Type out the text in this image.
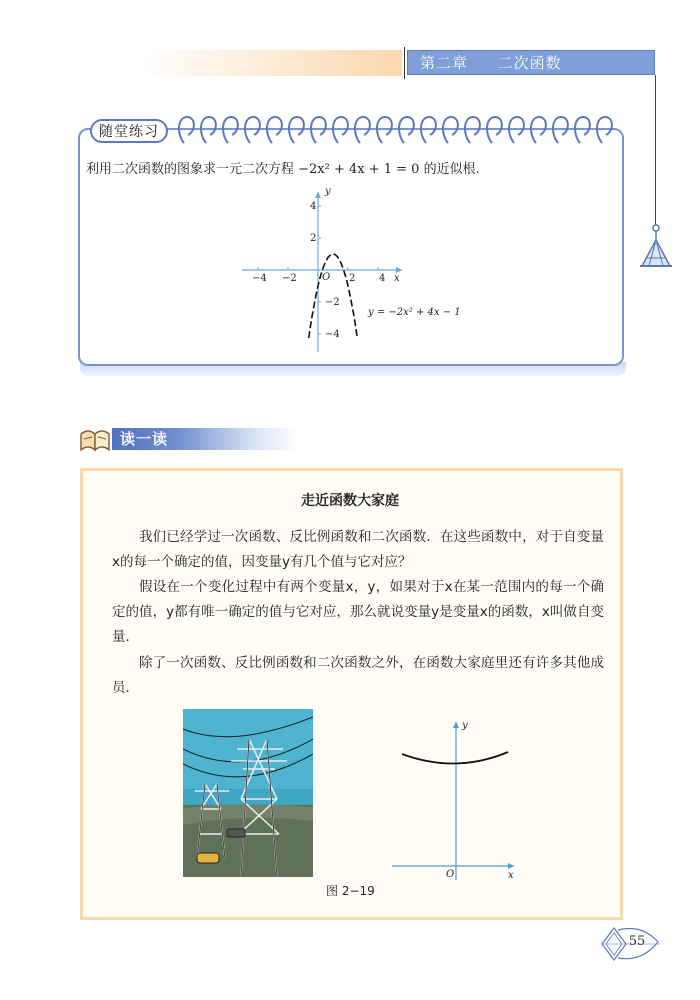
第二章 二次函数
随堂练习
利用二次函数的图象求一元二次方程 −2x² + 4x + 1 = 0 的近似根.
−4 −2	2 4
4
2
−2
−4
O	x
y
y = −2x² + 4x − 1
读一读
走近函数大家庭
我们已经学过一次函数、反比例函数和二次函数．在这些函数中，对于自变量x的每一个确定的值，因变量y有几个值与它对应？
假设在一个变化过程中有两个变量x，y，如果对于x在某一范围内的每一个确定的值，y都有唯一确定的值与它对应，那么就说变量y是变量x的函数，x叫做自变量．
除了一次函数、反比例函数和二次函数之外，在函数大家庭里还有许多其他成员．
O	x
y
图 2−19
55
